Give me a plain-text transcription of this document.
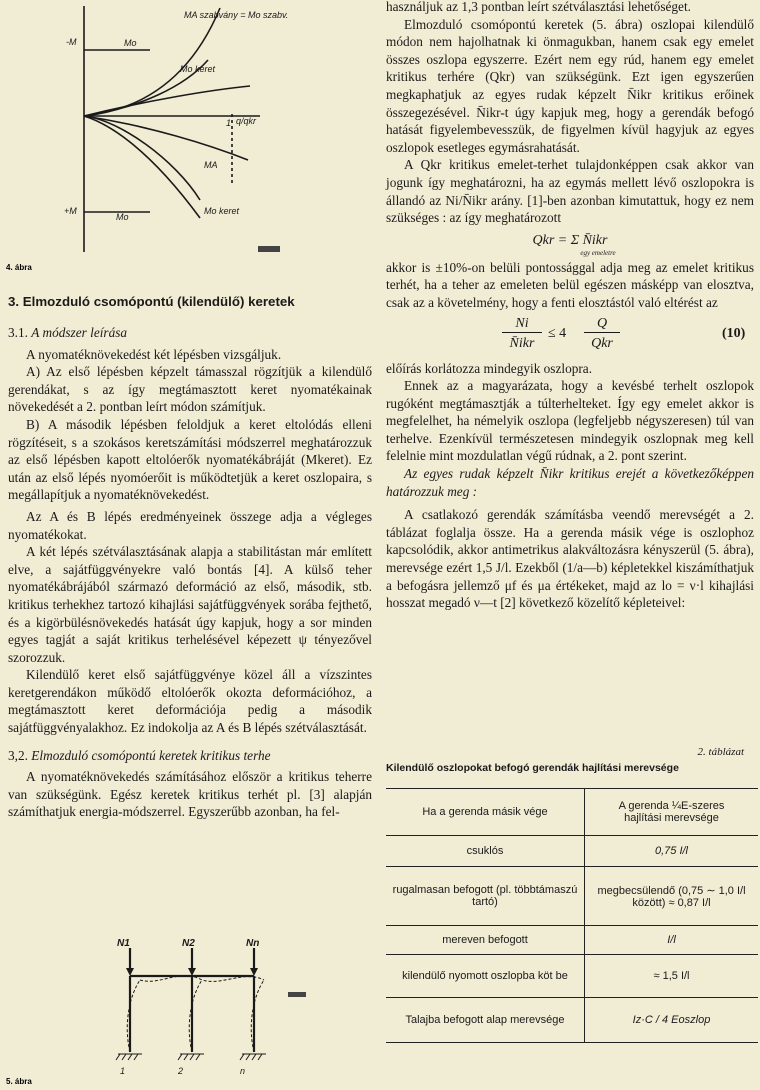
-M
+M
MA szabvány = Mo szabv.
Mo
Mo keret
q/qkr
1
MA
Mo
Mo keret
4. ábra

3. Elmozduló csomópontú (kilendülő) keretek

3.1. A módszer leírása

A nyomatéknövekedést két lépésben vizsgáljuk.

A) Az első lépésben képzelt támasszal rögzítjük a kilendülő gerendákat, s az így megtámasztott keret nyomatékainak növekedését a 2. pontban leírt módon számítjuk.

B) A második lépésben feloldjuk a keret eltolódás elleni rögzítéseit, s a szokásos keretszámítási módszerrel meghatározzuk az első lépésben kapott eltolóerők nyomatékábráját (Mkeret). Ez után az első lépés nyomóerőit is működtetjük a keret oszlopaira, s megállapítjuk a nyomatéknövekedést.

Az A és B lépés eredményeinek összege adja a végleges nyomatékokat.

A két lépés szétválasztásának alapja a stabilitástan már említett elve, a sajátfüggvényekre való bontás [4]. A külső teher nyomatékábrájából származó deformáció az első, második, stb. kritikus terhekhez tartozó kihajlási sajátfüggvények sorába fejthető, és a kigörbülésnövekedés hatását úgy kapjuk, hogy a sor minden egyes tagját a saját kritikus terhelésével képezett ψ tényezővel szorozzuk.

Kilendülő keret első sajátfüggvénye közel áll a vízszintes keretgerendákon működő eltolóerők okozta deformációhoz, a megtámasztott keret deformációja pedig a második sajátfüggvényalakhoz. Ez indokolja az A és B lépés szétválasztását.

3,2. Elmozduló csomópontú keretek kritikus terhe

A nyomatéknövekedés számításához először a kritikus teherre van szükségünk. Egész keretek kritikus terhét pl. [3] alapján számíthatjuk energia-módszerrel. Egyszerűbb azonban, ha fel-

N1	N2	Nn
1	2	n
5. ábra

használjuk az 1,3 pontban leírt szétválasztási lehetőséget.

Elmozduló csomópontú keretek (5. ábra) oszlopai kilendülő módon nem hajolhatnak ki önmagukban, hanem csak egy emelet összes oszlopa egyszerre. Ezért nem egy rúd, hanem egy emelet kritikus terhére (Qkr) van szükségünk. Ezt igen egyszerűen megkaphatjuk az egyes rudak képzelt N̄ikr kritikus erőinek összegezésével. N̄ikr-t úgy kapjuk meg, hogy a gerendák befogó hatását figyelembevesszük, de figyelmen kívül hagyjuk az egyes oszlopok esetleges egymásrahatását.

A Qkr kritikus emelet-terhet tulajdonképpen csak akkor van jogunk így meghatározni, ha az egymás mellett lévő oszlopokra is állandó az Ni/N̄ikr arány. [1]-ben azonban kimutattuk, hogy ez nem szükséges : az így meghatározott

Qkr = Σ N̄ikr
egy emeletre

akkor is ±10%-on belüli pontossággal adja meg az emelet kritikus terhét, ha a teher az emeleten belül egészen másképp van elosztva, csak az a követelmény, hogy a fenti elosztástól való eltérést az

Ni
N̄ikr
≤ 4
Q
Qkr
(10)

előírás korlátozza mindegyik oszlopra.

Ennek az a magyarázata, hogy a kevésbé terhelt oszlopok rugóként megtámasztják a túlterhelteket. Így egy emelet akkor is megfelelhet, ha némelyik oszlopa (legfeljebb négyszeresen) túl van terhelve. Ezenkívül természetesen mindegyik oszlopnak meg kell felelnie mint mozdulatlan végű rúdnak, a 2. pont szerint.

Az egyes rudak képzelt N̄ikr kritikus erejét a következőképpen határozzuk meg :

A csatlakozó gerendák számításba veendő merevségét a 2. táblázat foglalja össze. Ha a gerenda másik vége is oszlophoz kapcsolódik, akkor antimetrikus alakváltozásra kényszerül (5. ábra), merevsége ezért 1,5 J/l. Ezekből (1/a—b) képletekkel kiszámíthatjuk a befogásra jellemző μf és μa értékeket, majd az lo = ν·l kihajlási hosszat megadó ν—t [2] következő közelítő képleteivel:

2. táblázat
Kilendülő oszlopokat befogó gerendák hajlítási merevsége
Ha a gerenda másik vége	A gerenda ¼E-szeres
hajlítási merevsége

csuklós	0,75 I/l
rugalmasan befogott (pl. többtámaszú tartó)	megbecsülendő (0,75 ∼ 1,0 I/l között) ≈ 0,87 I/l
mereven befogott	I/l
kilendülő nyomott oszlopba köt be	≈ 1,5 I/l
Talajba befogott alap merevsége	Iz·C / 4 Eoszlop
